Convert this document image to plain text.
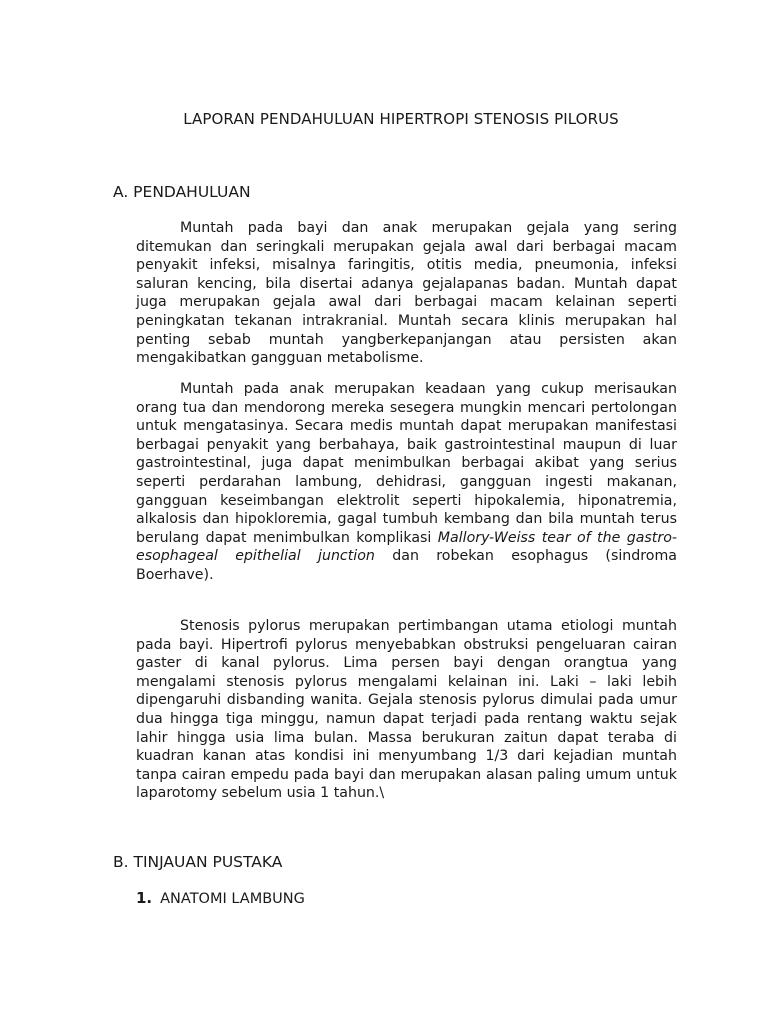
LAPORAN PENDAHULUAN HIPERTROPI STENOSIS PILORUS
A. PENDAHULUAN

Muntah pada bayi dan anak merupakan gejala yang sering ditemukan dan seringkali merupakan gejala awal dari berbagai macam penyakit infeksi, misalnya faringitis, otitis media, pneumonia, infeksi saluran kencing, bila disertai adanya gejalapanas badan. Muntah dapat juga merupakan gejala awal dari berbagai macam kelainan seperti peningkatan tekanan intrakranial. Muntah secara klinis merupakan hal penting sebab muntah yangberkepanjangan atau persisten akan mengakibatkan gangguan metabolisme.

Muntah pada anak merupakan keadaan yang cukup merisaukan orang tua dan mendorong mereka sesegera mungkin mencari pertolongan untuk mengatasinya. Secara medis muntah dapat merupakan manifestasi berbagai penyakit yang berbahaya, baik gastrointestinal maupun di luar gastrointestinal, juga dapat menimbulkan berbagai akibat yang serius seperti perdarahan lambung, dehidrasi, gangguan ingesti makanan, gangguan keseimbangan elektrolit seperti hipokalemia, hiponatremia, alkalosis dan hipokloremia, gagal tumbuh kembang dan bila muntah terus berulang dapat menimbulkan komplikasi Mallory-Weiss tear of the gastro-esophageal epithelial junction dan robekan esophagus (sindroma Boerhave).

Stenosis pylorus merupakan pertimbangan utama etiologi muntah pada bayi. Hipertrofi pylorus menyebabkan obstruksi pengeluaran cairan gaster di kanal pylorus. Lima persen bayi dengan orangtua yang mengalami stenosis pylorus mengalami kelainan ini. Laki – laki lebih dipengaruhi disbanding wanita. Gejala stenosis pylorus dimulai pada umur dua hingga tiga minggu, namun dapat terjadi pada rentang waktu sejak lahir hingga usia lima bulan. Massa berukuran zaitun dapat teraba di kuadran kanan atas kondisi ini menyumbang 1/3 dari kejadian muntah tanpa cairan empedu pada bayi dan merupakan alasan paling umum untuk laparotomy sebelum usia 1 tahun.\

B. TINJAUAN PUSTAKA
1. ANATOMI LAMBUNG
